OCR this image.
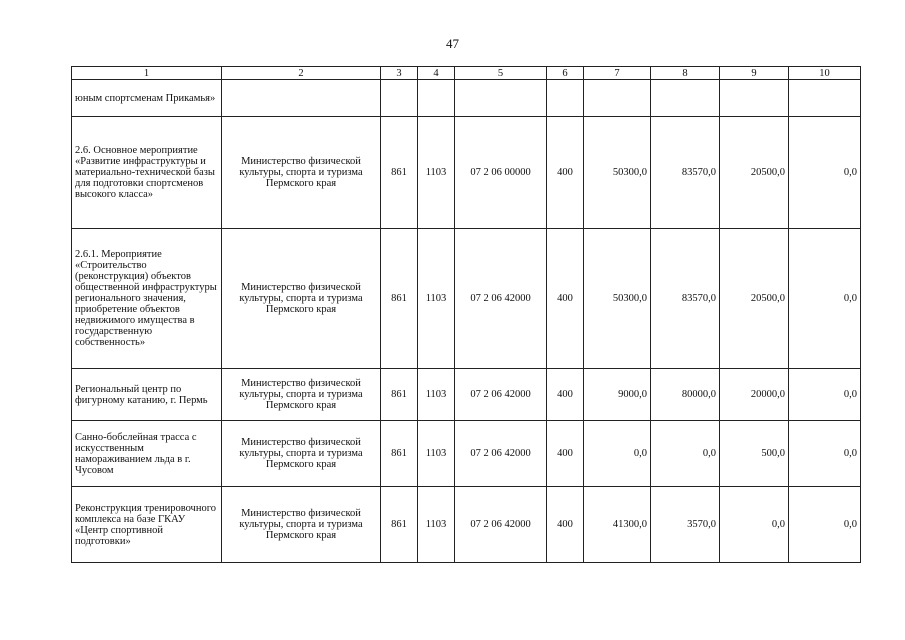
47
1	2	3	4	5	6	7	8	9	10
юным спортсменам Прикамья»									
2.6. Основное мероприятие «Развитие инфраструктуры и материально-технической базы для подготовки спортсменов высокого класса»	Министерство физической культуры, спорта и туризма Пермского края	861	1103	07 2 06 00000	400	50300,0	83570,0	20500,0	0,0
2.6.1. Мероприятие «Строительство (реконструкция) объектов общественной инфраструктуры регионального значения, приобретение объектов недвижимого имущества в государственную собственность»	Министерство физической культуры, спорта и туризма Пермского края	861	1103	07 2 06 42000	400	50300,0	83570,0	20500,0	0,0
Региональный центр по фигурному катанию, г. Пермь	Министерство физической культуры, спорта и туризма Пермского края	861	1103	07 2 06 42000	400	9000,0	80000,0	20000,0	0,0
Санно-бобслейная трасса с искусственным намораживанием льда в г. Чусовом	Министерство физической культуры, спорта и туризма Пермского края	861	1103	07 2 06 42000	400	0,0	0,0	500,0	0,0
Реконструкция тренировочного комплекса на базе ГКАУ «Центр спортивной подготовки»	Министерство физической культуры, спорта и туризма Пермского края	861	1103	07 2 06 42000	400	41300,0	3570,0	0,0	0,0
